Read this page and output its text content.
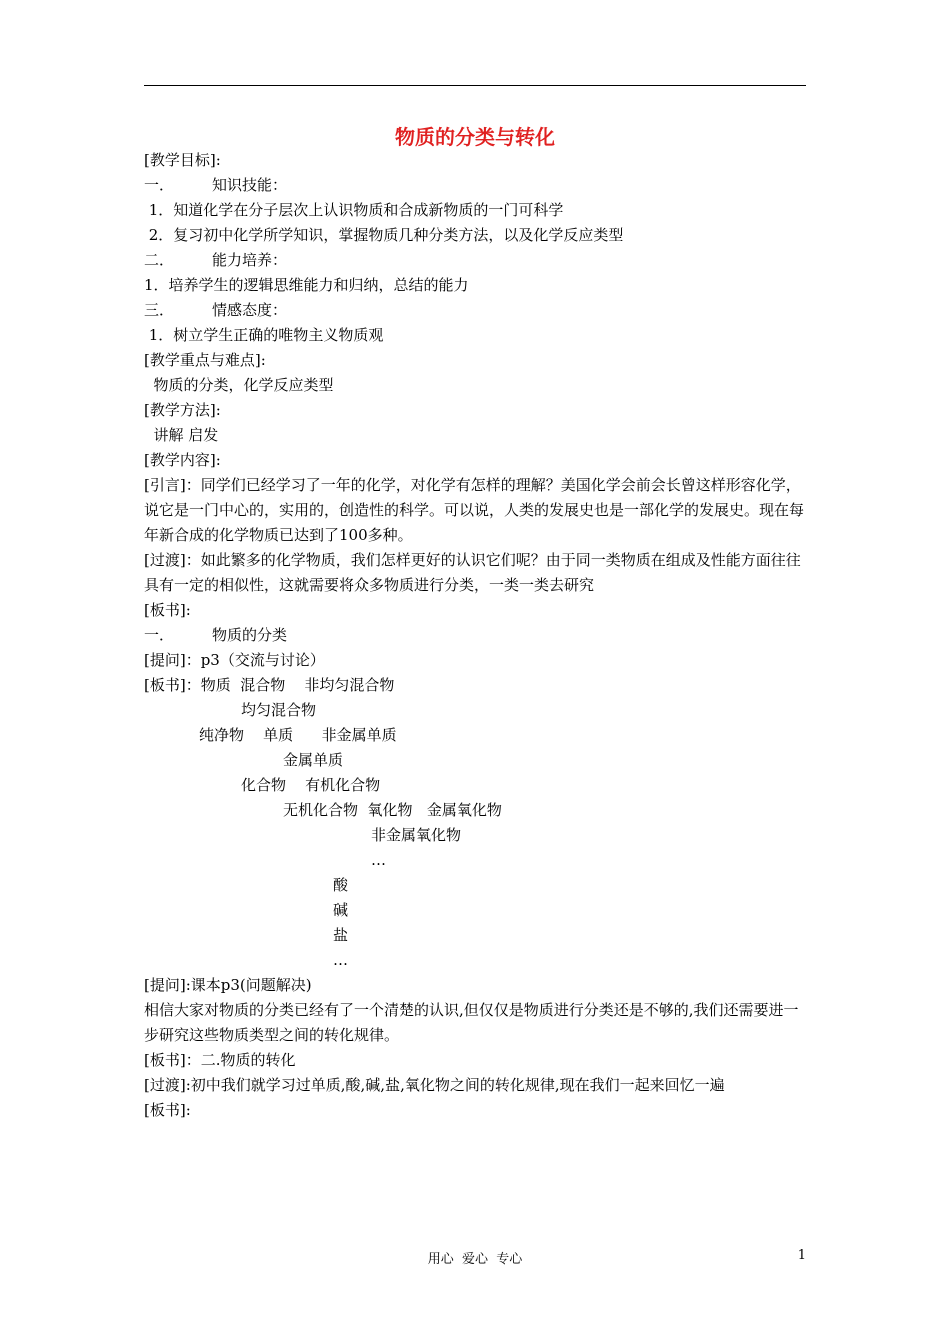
物质的分类与转化
[教学目标]:
一．	知识技能：
1．知道化学在分子层次上认识物质和合成新物质的一门可科学
2．复习初中化学所学知识，掌握物质几种分类方法，以及化学反应类型
二．	能力培养：
1．培养学生的逻辑思维能力和归纳，总结的能力
三．	情感态度：
1．树立学生正确的唯物主义物质观
[教学重点与难点]:
物质的分类，化学反应类型
[教学方法]:
讲解 启发
[教学内容]:
[引言]：同学们已经学习了一年的化学，对化学有怎样的理解？美国化学会前会长曾这样形容化学，说它是一门中心的，实用的，创造性的科学。可以说，人类的发展史也是一部化学的发展史。现在每年新合成的化学物质已达到了100多种。
[过渡]：如此繁多的化学物质，我们怎样更好的认识它们呢？由于同一类物质在组成及性能方面往往具有一定的相似性，这就需要将众多物质进行分类，一类一类去研究
[板书]:
一．	物质的分类
[提问]：p3（交流与讨论）
[板书]：物质  混合物    非均匀混合物
均匀混合物
纯净物    单质      非金属单质
金属单质
化合物    有机化合物
无机化合物  氧化物   金属氧化物
非金属氧化物
…
酸
碱
盐
…
[提问]:课本p3(问题解决)
相信大家对物质的分类已经有了一个清楚的认识,但仅仅是物质进行分类还是不够的,我们还需要进一步研究这些物质类型之间的转化规律。
[板书]：二.物质的转化
[过渡]:初中我们就学习过单质,酸,碱,盐,氧化物之间的转化规律,现在我们一起来回忆一遍
[板书]:
用心  爱心  专心	1
